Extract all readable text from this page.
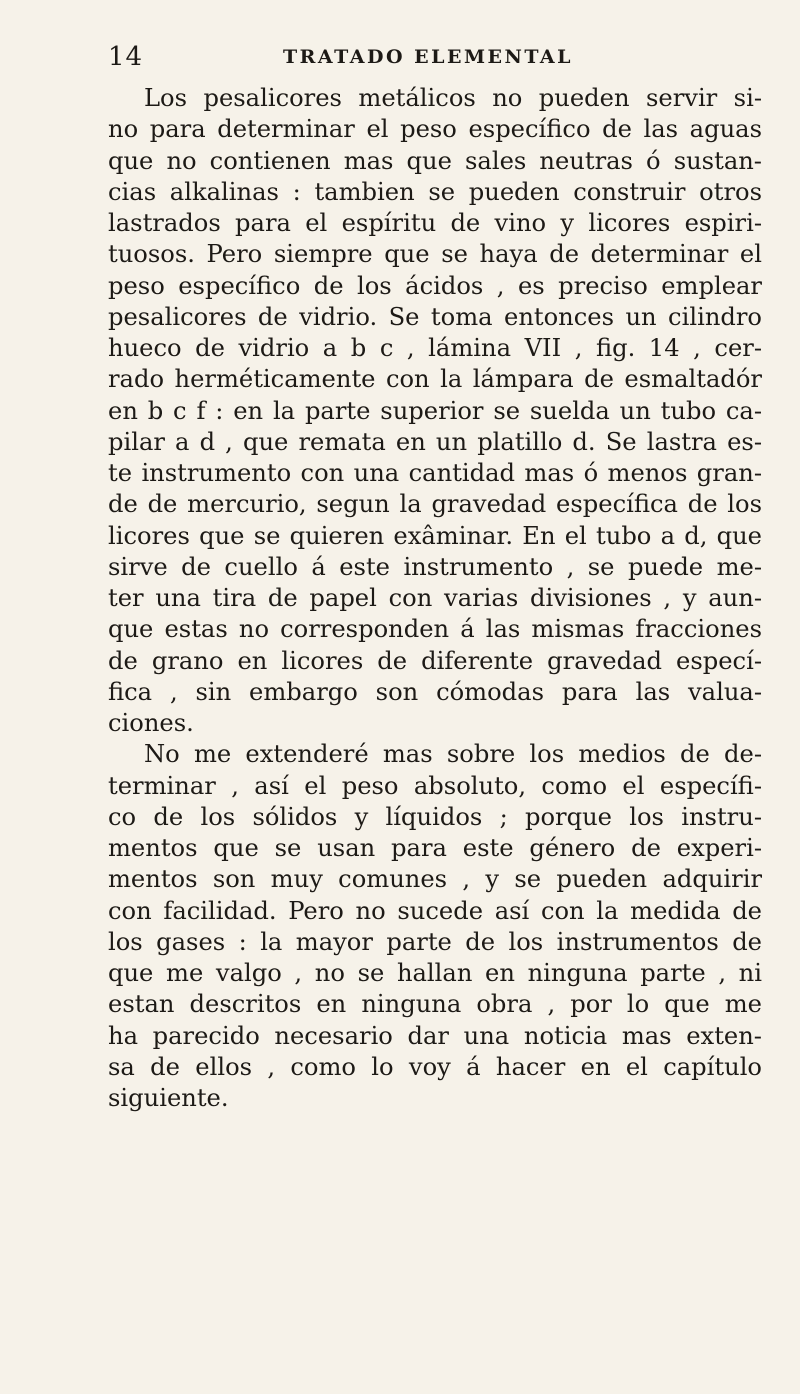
14	TRATADO ELEMENTAL
Los pesalicores metálicos no pueden servir si-
no para determinar el peso específico de las aguas
que no contienen mas que sales neutras ó sustan-
cias alkalinas : tambien se pueden construir otros
lastrados para el espíritu de vino y licores espiri-
tuosos. Pero siempre que se haya de determinar el
peso específico de los ácidos , es preciso emplear
pesalicores de vidrio. Se toma entonces un cilindro
hueco de vidrio a b c , lámina VII , fig. 14 , cer-
rado herméticamente con la lámpara de esmaltadór
en b c f : en la parte superior se suelda un tubo ca-
pilar a d , que remata en un platillo d. Se lastra es-
te instrumento con una cantidad mas ó menos gran-
de de mercurio, segun la gravedad específica de los
licores que se quieren exâminar. En el tubo a d, que
sirve de cuello á este instrumento , se puede me-
ter una tira de papel con varias divisiones , y aun-
que estas no corresponden á las mismas fracciones
de grano en licores de diferente gravedad especí-
fica , sin embargo son cómodas para las valua-
ciones.
No me extenderé mas sobre los medios de de-
terminar , así el peso absoluto, como el específi-
co de los sólidos y líquidos ; porque los instru-
mentos que se usan para este género de experi-
mentos son muy comunes , y se pueden adquirir
con facilidad. Pero no sucede así con la medida de
los gases : la mayor parte de los instrumentos de
que me valgo , no se hallan en ninguna parte , ni
estan descritos en ninguna obra , por lo que me
ha parecido necesario dar una noticia mas exten-
sa de ellos , como lo voy á hacer en el capítulo
siguiente.
